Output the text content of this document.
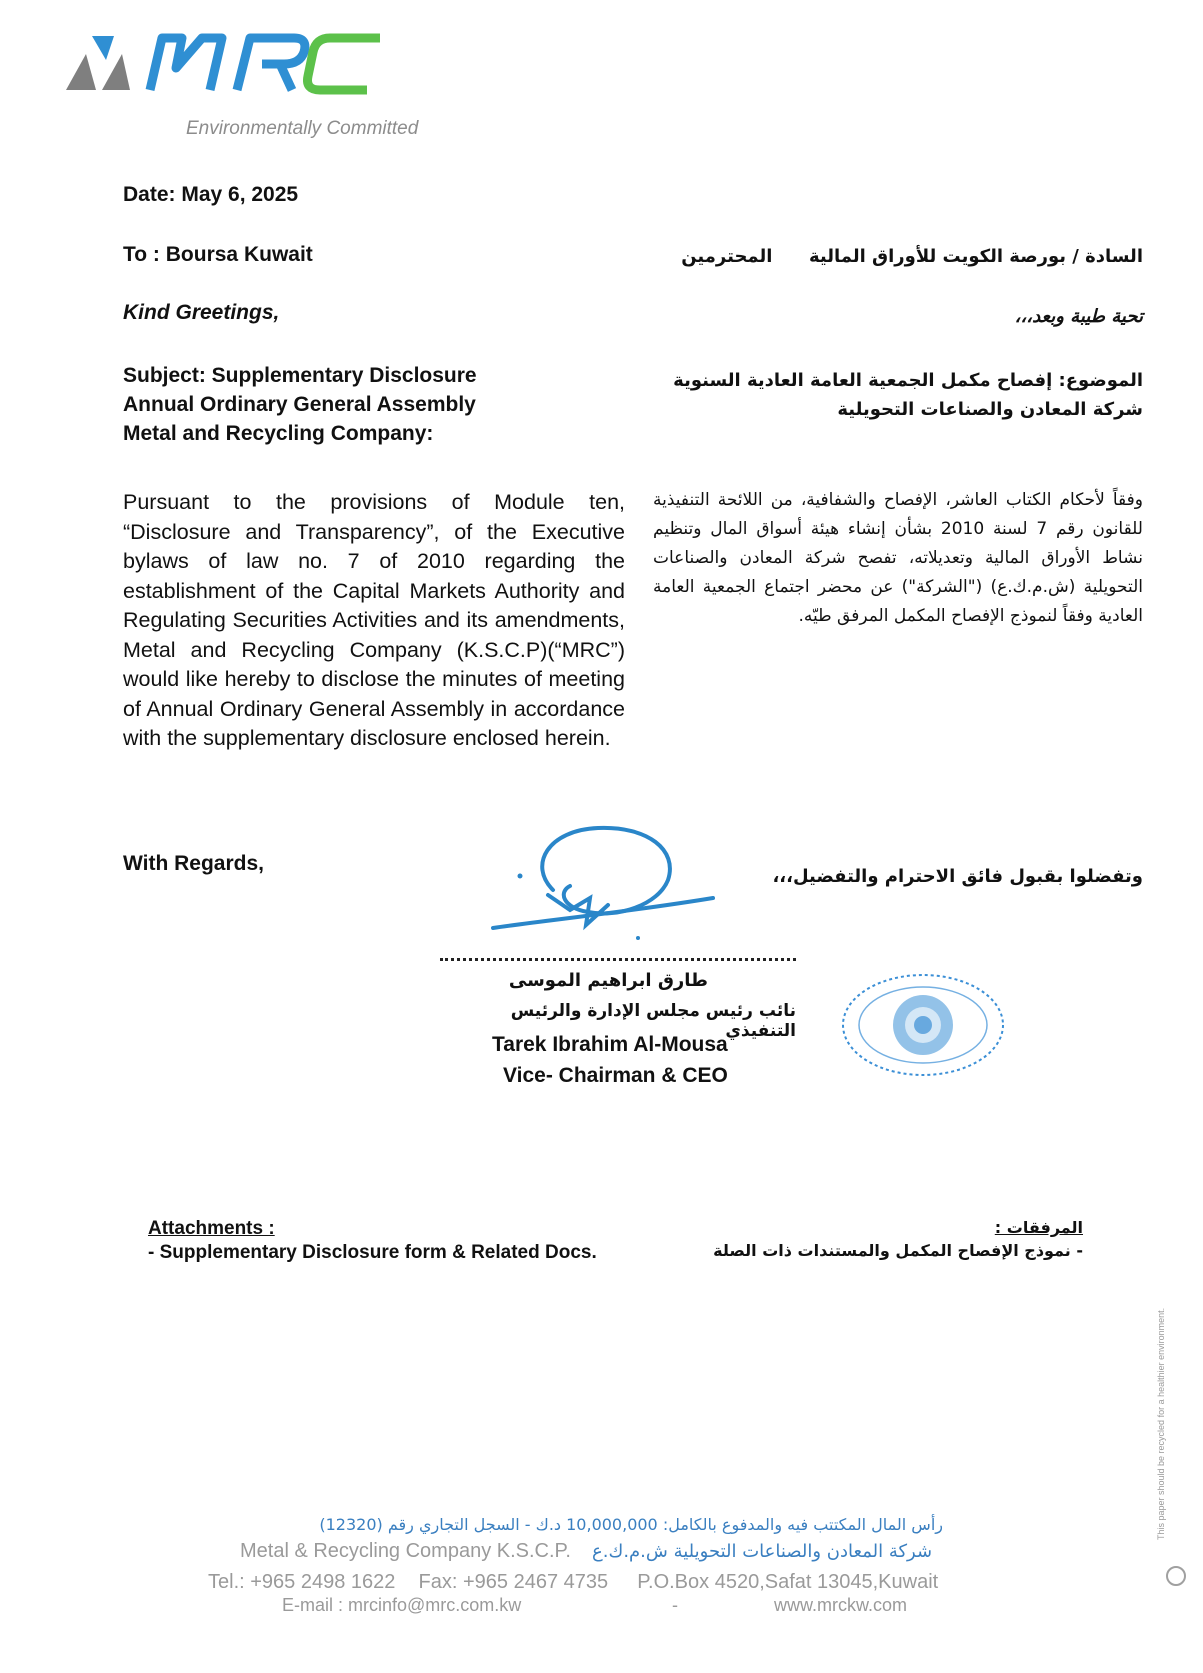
Environmentally Committed
Date: May 6, 2025
To : Boursa Kuwait
Kind Greetings,
Subject: Supplementary Disclosure
Annual Ordinary General Assembly
Metal and Recycling Company:
السادة / بورصة الكويت للأوراق المالية  المحترمين
تحية طيبة وبعد،،،
الموضوع: إفصاح مكمل الجمعية العامة العادية السنوية
شركة المعادن والصناعات التحويلية

Pursuant to the provisions of Module ten, “Disclosure and Transparency”, of the Executive bylaws of law no. 7 of 2010 regarding the establishment of the Capital Markets Authority and Regulating Securities Activities and its amendments, Metal and Recycling Company (K.S.C.P)(“MRC”) would like hereby to disclose the minutes of meeting of Annual Ordinary General Assembly in accordance with the supplementary disclosure enclosed herein.

وفقاً لأحكام الكتاب العاشر، الإفصاح والشفافية، من اللائحة التنفيذية للقانون رقم 7 لسنة 2010 بشأن إنشاء هيئة أسواق المال وتنظيم نشاط الأوراق المالية وتعديلاته، تفصح شركة المعادن والصناعات التحويلية (ش.م.ك.ع) ("الشركة") عن محضر اجتماع الجمعية العامة العادية وفقاً لنموذج الإفصاح المكمل المرفق طيّه.

With Regards,
وتفضلوا بقبول فائق الاحترام والتفضيل،،،
طارق ابراهيم الموسى
نائب رئيس مجلس الإدارة والرئيس التنفيذي
Tarek Ibrahim Al-Mousa
Vice- Chairman & CEO
Attachments :
- Supplementary Disclosure form & Related Docs.
المرفقات :
- نموذج الإفصاح المكمل والمستندات ذات الصلة
This paper should be recycled for a healthier environment.
رأس المال المكتتب فيه والمدفوع بالكامل: 10,000,000 د.ك - السجل التجاري رقم (12320)
Metal & Recycling Company K.S.C.P. شركة المعادن والصناعات التحويلية ش.م.ك.ع
Tel.: +965 2498 1622 Fax: +965 2467 4735 P.O.Box 4520,Safat 13045,Kuwait
E-mail : mrcinfo@mrc.com.kw	-	www.mrckw.com
